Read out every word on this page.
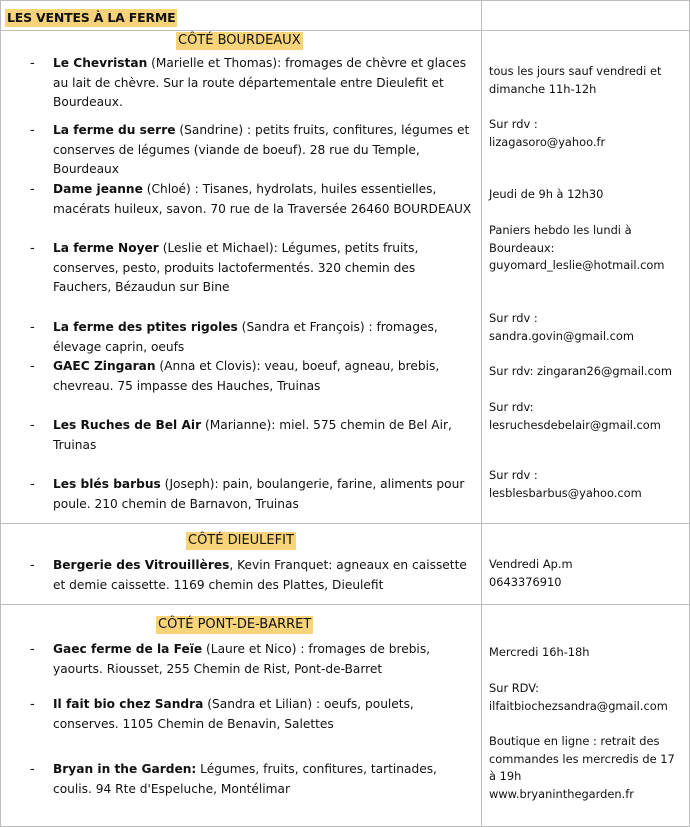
LES VENTES À LA FERME
CÔTÉ BOURDEAUX
CÔTÉ DIEULEFIT
CÔTÉ PONT-DE-BARRET
- Le Chevristan (Marielle et Thomas): fromages de chèvre et glaces au lait de chèvre. Sur la route départementale entre Dieulefit et Bourdeaux.
- La ferme du serre (Sandrine) : petits fruits, confitures, légumes et conserves de légumes (viande de boeuf). 28 rue du Temple, Bourdeaux
- Dame jeanne (Chloé) : Tisanes, hydrolats, huiles essentielles, macérats huileux, savon. 70 rue de la Traversée 26460 BOURDEAUX
- La ferme Noyer (Leslie et Michael): Légumes, petits fruits, conserves, pesto, produits lactofermentés. 320 chemin des Fauchers, Bézaudun sur Bine
- La ferme des ptites rigoles (Sandra et François) : fromages, élevage caprin, oeufs
- GAEC Zingaran (Anna et Clovis): veau, boeuf, agneau, brebis, chevreau. 75 impasse des Hauches, Truinas
- Les Ruches de Bel Air (Marianne): miel. 575 chemin de Bel Air, Truinas
- Les blés barbus (Joseph): pain, boulangerie, farine, aliments pour poule. 210 chemin de Barnavon, Truinas
- Bergerie des Vitrouillères, Kevin Franquet: agneaux en caissette et demie caissette. 1169 chemin des Plattes, Dieulefit
- Gaec ferme de la Feïe (Laure et Nico) : fromages de brebis, yaourts. Riousset, 255 Chemin de Rist, Pont-de-Barret
- Il fait bio chez Sandra (Sandra et Lilian) : oeufs, poulets, conserves. 1105 Chemin de Benavin, Salettes
- Bryan in the Garden: Légumes, fruits, confitures, tartinades, coulis. 94 Rte d'Espeluche, Montélimar
tous les jours sauf vendredi et dimanche 11h-12h
Sur rdv :
lizagasoro@yahoo.fr
Jeudi de 9h à 12h30
Paniers hebdo les lundi à Bourdeaux:
guyomard_leslie@hotmail.com
Sur rdv :
sandra.govin@gmail.com
Sur rdv: zingaran26@gmail.com
Sur rdv:
lesruchesdebelair@gmail.com
Sur rdv :
lesblesbarbus@yahoo.com
Vendredi Ap.m
0643376910
Mercredi 16h-18h
Sur RDV:
ilfaitbiochezsandra@gmail.com
Boutique en ligne : retrait des commandes les mercredis de 17 à 19h
www.bryaninthegarden.fr
